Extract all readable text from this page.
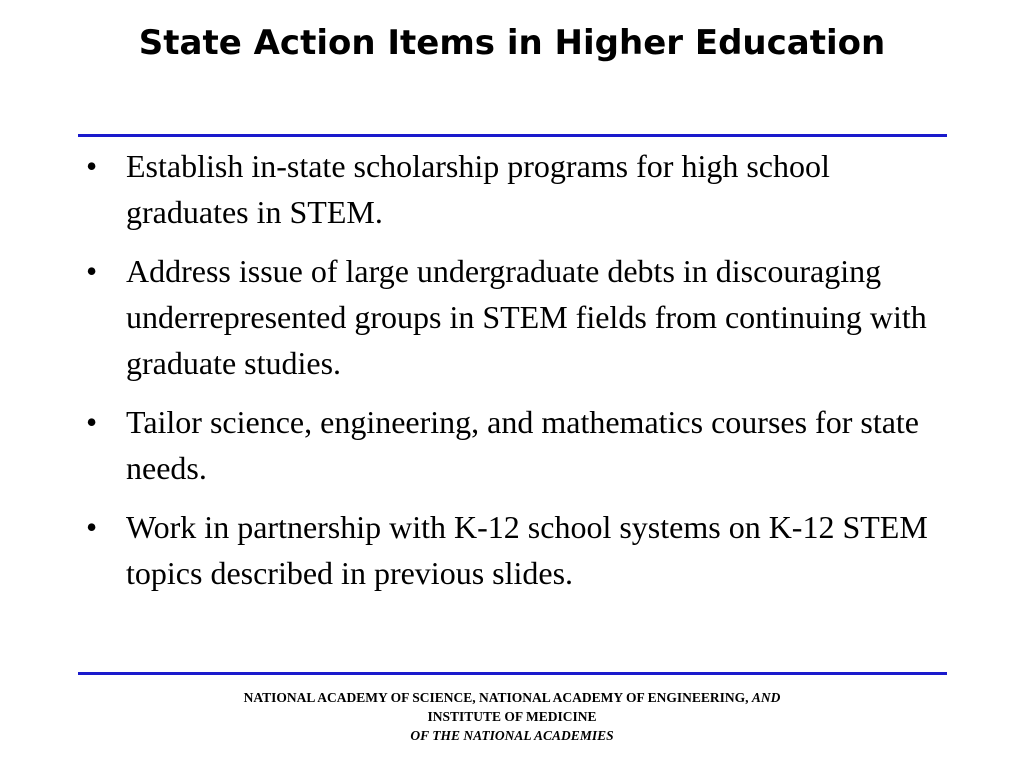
State Action Items in Higher Education
• Establish in-state scholarship programs for high school graduates in STEM.
• Address issue of large undergraduate debts in discouraging underrepresented groups in STEM fields from continuing with graduate studies.
• Tailor science, engineering, and mathematics courses for state needs.
• Work in partnership with K-12 school systems on K-12 STEM topics described in previous slides.
NATIONAL ACADEMY OF SCIENCE, NATIONAL ACADEMY OF ENGINEERING, AND
INSTITUTE OF MEDICINE
OF THE NATIONAL ACADEMIES
